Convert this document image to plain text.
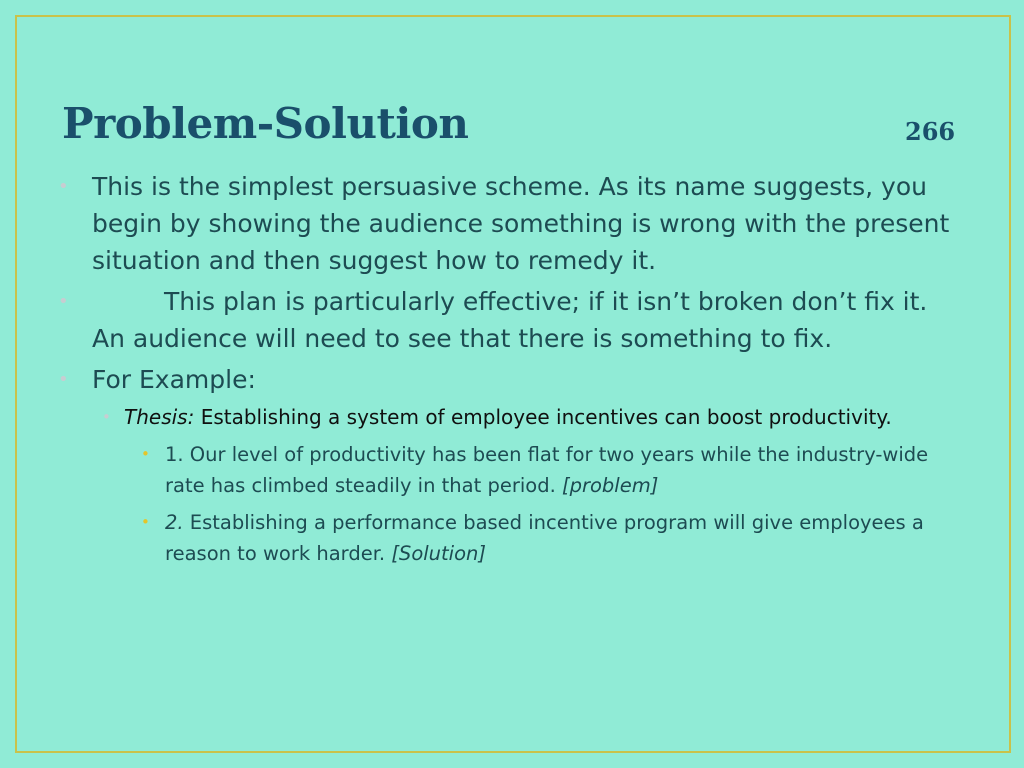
Problem-Solution	266
• This is the simplest persuasive scheme. As its name suggests, you begin by showing the audience something is wrong with the present situation and then suggest how to remedy it.
•	This plan is particularly effective; if it isn’t broken don’t fix it. An audience will need to see that there is something to fix.
• For Example:
• Thesis: Establishing a system of employee incentives can boost productivity.
• 1. Our level of productivity has been flat for two years while the industry-wide rate has climbed steadily in that period. [problem]
• 2. Establishing a performance based incentive program will give employees a reason to work harder. [Solution]
